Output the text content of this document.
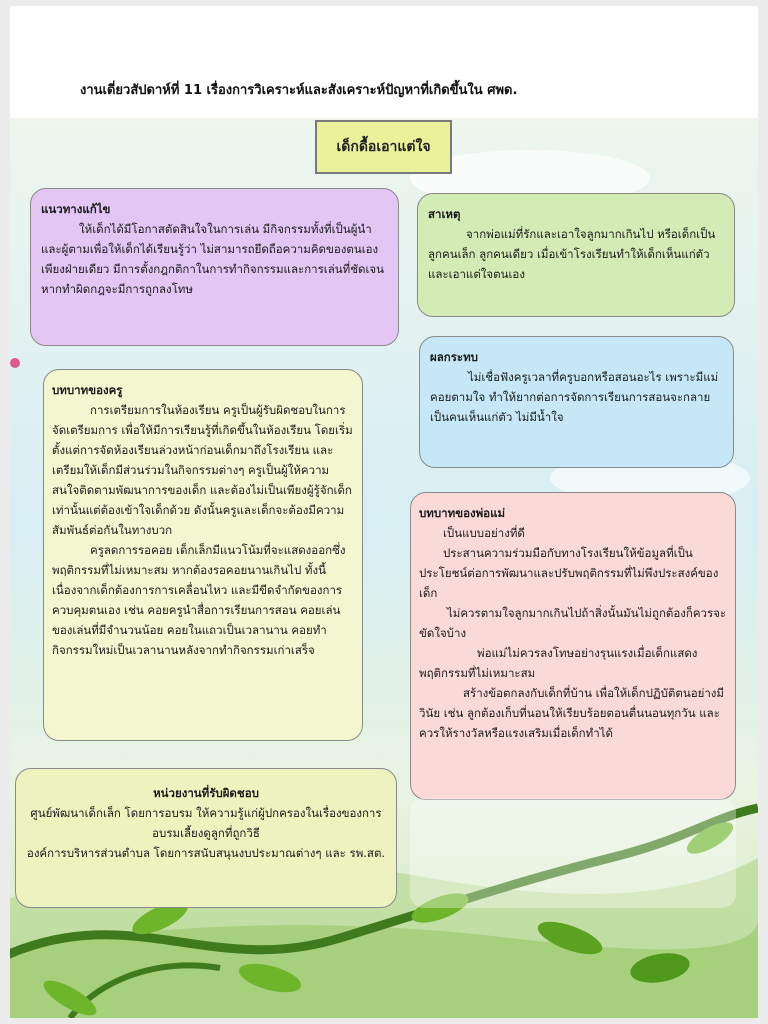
งานเดี่ยวสัปดาห์ที่ 11 เรื่องการวิเคราะห์และสังเคราะห์ปัญหาที่เกิดขึ้นใน ศพด.
เด็กดื้อเอาแต่ใจ
แนวทางแก้ไข

ให้เด็กได้มีโอกาสตัดสินใจในการเล่น มีกิจกรรมทั้งที่เป็นผู้นำและผู้ตามเพื่อให้เด็กได้เรียนรู้ว่า ไม่สามารถยึดถือความคิดของตนเองเพียงฝ่ายเดียว มีการตั้งกฎกติกาในการทำกิจกรรมและการเล่นที่ชัดเจน หากทำผิดกฎจะมีการถูกลงโทษ

สาเหตุ

จากพ่อแม่ที่รักและเอาใจลูกมากเกินไป หรือเด็กเป็นลูกคนเล็ก ลูกคนเดียว เมื่อเข้าโรงเรียนทำให้เด็กเห็นแก่ตัวและเอาแต่ใจตนเอง

ผลกระทบ

ไม่เชื่อฟังครูเวลาที่ครูบอกหรือสอนอะไร เพราะมีแม่คอยตามใจ ทำให้ยากต่อการจัดการเรียนการสอนจะกลายเป็นคนเห็นแก่ตัว ไม่มีน้ำใจ

บทบาทของครู

การเตรียมการในห้องเรียน ครูเป็นผู้รับผิดชอบในการจัดเตรียมการ เพื่อให้มีการเรียนรู้ที่เกิดขึ้นในห้องเรียน โดยเริ่มตั้งแต่การจัดห้องเรียนล่วงหน้าก่อนเด็กมาถึงโรงเรียน และเตรียมให้เด็กมีส่วนร่วมในกิจกรรมต่างๆ ครูเป็นผู้ให้ความสนใจติดตามพัฒนาการของเด็ก และต้องไม่เป็นเพียงผู้รู้จักเด็กเท่านั้นแต่ต้องเข้าใจเด็กด้วย ดังนั้นครูและเด็กจะต้องมีความสัมพันธ์ต่อกันในทางบวก

ครูลดการรอคอย เด็กเล็กมีแนวโน้มที่จะแสดงออกซึ่งพฤติกรรมที่ไม่เหมาะสม หากต้องรอคอยนานเกินไป ทั้งนี้เนื่องจากเด็กต้องการการเคลื่อนไหว และมีขีดจำกัดของการควบคุมตนเอง เช่น คอยครูนำสื่อการเรียนการสอน คอยเล่นของเล่นที่มีจำนวนน้อย คอยในแถวเป็นเวลานาน คอยทำกิจกรรมใหม่เป็นเวลานานหลังจากทำกิจกรรมเก่าเสร็จ

บทบาทของพ่อแม่

เป็นแบบอย่างที่ดี

ประสานความร่วมมือกับทางโรงเรียนให้ข้อมูลที่เป็นประโยชน์ต่อการพัฒนาและปรับพฤติกรรมที่ไม่พึงประสงค์ของเด็ก

ไม่ควรตามใจลูกมากเกินไปถ้าสิ่งนั้นมันไม่ถูกต้องก็ควรจะขัดใจบ้าง

พ่อแม่ไม่ควรลงโทษอย่างรุนแรงเมื่อเด็กแสดงพฤติกรรมที่ไม่เหมาะสม

สร้างข้อตกลงกับเด็กที่บ้าน เพื่อให้เด็กปฏิบัติตนอย่างมีวินัย เช่น ลูกต้องเก็บที่นอนให้เรียบร้อยตอนตื่นนอนทุกวัน และควรให้รางวัลหรือแรงเสริมเมื่อเด็กทำได้

หน่วยงานที่รับผิดชอบ

ศูนย์พัฒนาเด็กเล็ก โดยการอบรม ให้ความรู้แก่ผู้ปกครองในเรื่องของการอบรมเลี้ยงดูลูกที่ถูกวิธี

องค์การบริหารส่วนตำบล โดยการสนับสนุนงบประมาณต่างๆ และ รพ.สต.
